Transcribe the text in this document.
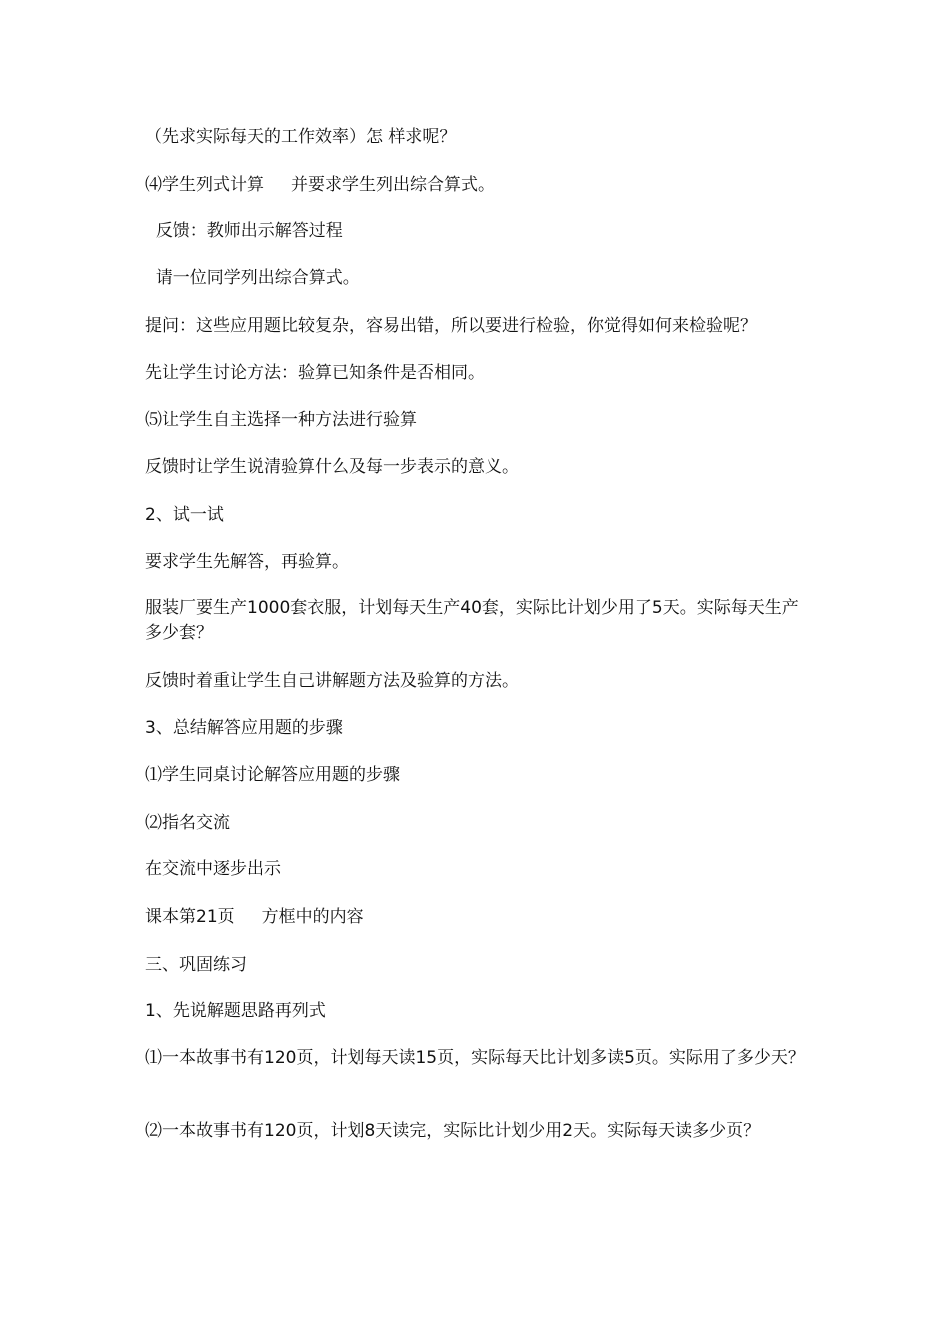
（先求实际每天的工作效率）怎 样求呢？

⑷学生列式计算     并要求学生列出综合算式。

反馈：教师出示解答过程

请一位同学列出综合算式。

提问：这些应用题比较复杂，容易出错，所以要进行检验，你觉得如何来检验呢？

先让学生讨论方法：验算已知条件是否相同。

⑸让学生自主选择一种方法进行验算

反馈时让学生说清验算什么及每一步表示的意义。

2、试一试

要求学生先解答，再验算。

服装厂要生产1000套衣服，计划每天生产40套，实际比计划少用了5天。实际每天生产多少套？

反馈时着重让学生自己讲解题方法及验算的方法。

3、总结解答应用题的步骤

⑴学生同桌讨论解答应用题的步骤

⑵指名交流

在交流中逐步出示

课本第21页     方框中的内容

三、巩固练习

1、先说解题思路再列式

⑴一本故事书有120页，计划每天读15页，实际每天比计划多读5页。实际用了多少天？

⑵一本故事书有120页，计划8天读完，实际比计划少用2天。实际每天读多少页？
